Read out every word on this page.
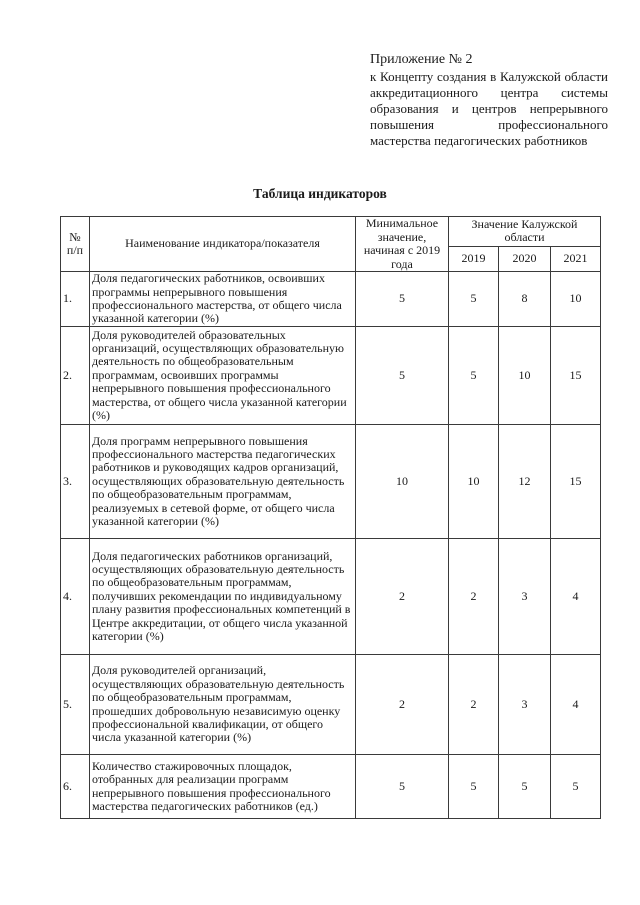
Приложение № 2
к Концепту создания в Калужской области аккредитационного центра системы образования и центров непрерывного повышения профессионального мастерства педагогических работников
Таблица индикаторов
№ п/п	Наименование индикатора/показателя	Минимальное значение, начиная с 2019 года	Значение Калужской области		
			2019	2020	2021
1.	Доля педагогических работников, освоивших программы непрерывного повышения профессионального мастерства, от общего числа указанной категории (%)	5	5	8	10
2.	Доля руководителей образовательных организаций, осуществляющих образовательную деятельность по общеобразовательным программам, освоивших программы непрерывного повышения профессионального мастерства, от общего числа указанной категории (%)	5	5	10	15
3.	Доля программ непрерывного повышения профессионального мастерства педагогических работников и руководящих кадров организаций, осуществляющих образовательную деятельность по общеобразовательным программам, реализуемых в сетевой форме, от общего числа указанной категории (%)	10	10	12	15
4.	Доля педагогических работников организаций, осуществляющих образовательную деятельность по общеобразовательным программам, получивших рекомендации по индивидуальному плану развития профессиональных компетенций в Центре аккредитации, от общего числа указанной категории (%)	2	2	3	4
5.	Доля руководителей организаций, осуществляющих образовательную деятельность по общеобразовательным программам, прошедших добровольную независимую оценку профессиональной квалификации, от общего числа указанной категории (%)	2	2	3	4
6.	Количество стажировочных площадок, отобранных для реализации программ непрерывного повышения профессионального мастерства педагогических работников (ед.)	5	5	5	5
